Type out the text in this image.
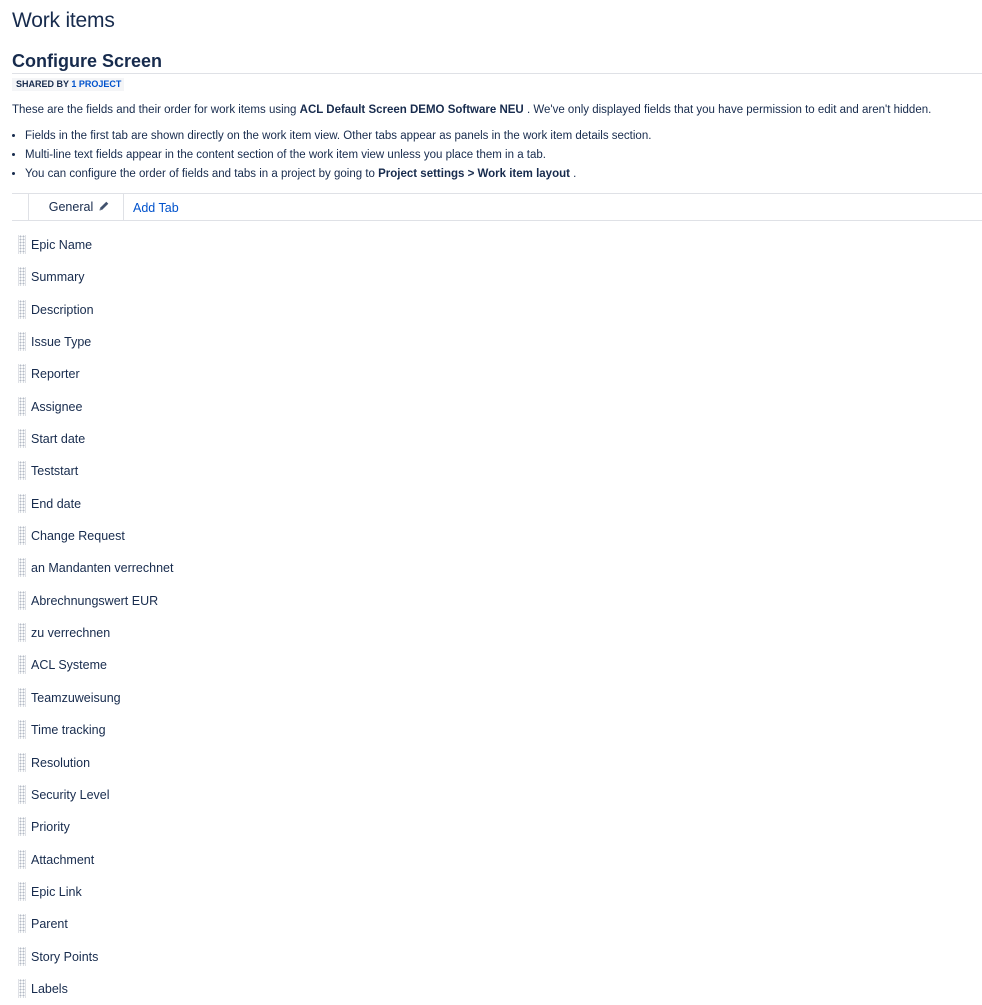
Work items
Configure Screen
SHARED BY 1 PROJECT
These are the fields and their order for work items using ACL Default Screen DEMO Software NEU . We've only displayed fields that you have permission to edit and aren't hidden.
• Fields in the first tab are shown directly on the work item view. Other tabs appear as panels in the work item details section.
• Multi-line text fields appear in the content section of the work item view unless you place them in a tab.
• You can configure the order of fields and tabs in a project by going to Project settings > Work item layout .
General	Add Tab
Epic Name
Summary
Description
Issue Type
Reporter
Assignee
Start date
Teststart
End date
Change Request
an Mandanten verrechnet
Abrechnungswert EUR
zu verrechnen
ACL Systeme
Teamzuweisung
Time tracking
Resolution
Security Level
Priority
Attachment
Epic Link
Parent
Story Points
Labels
